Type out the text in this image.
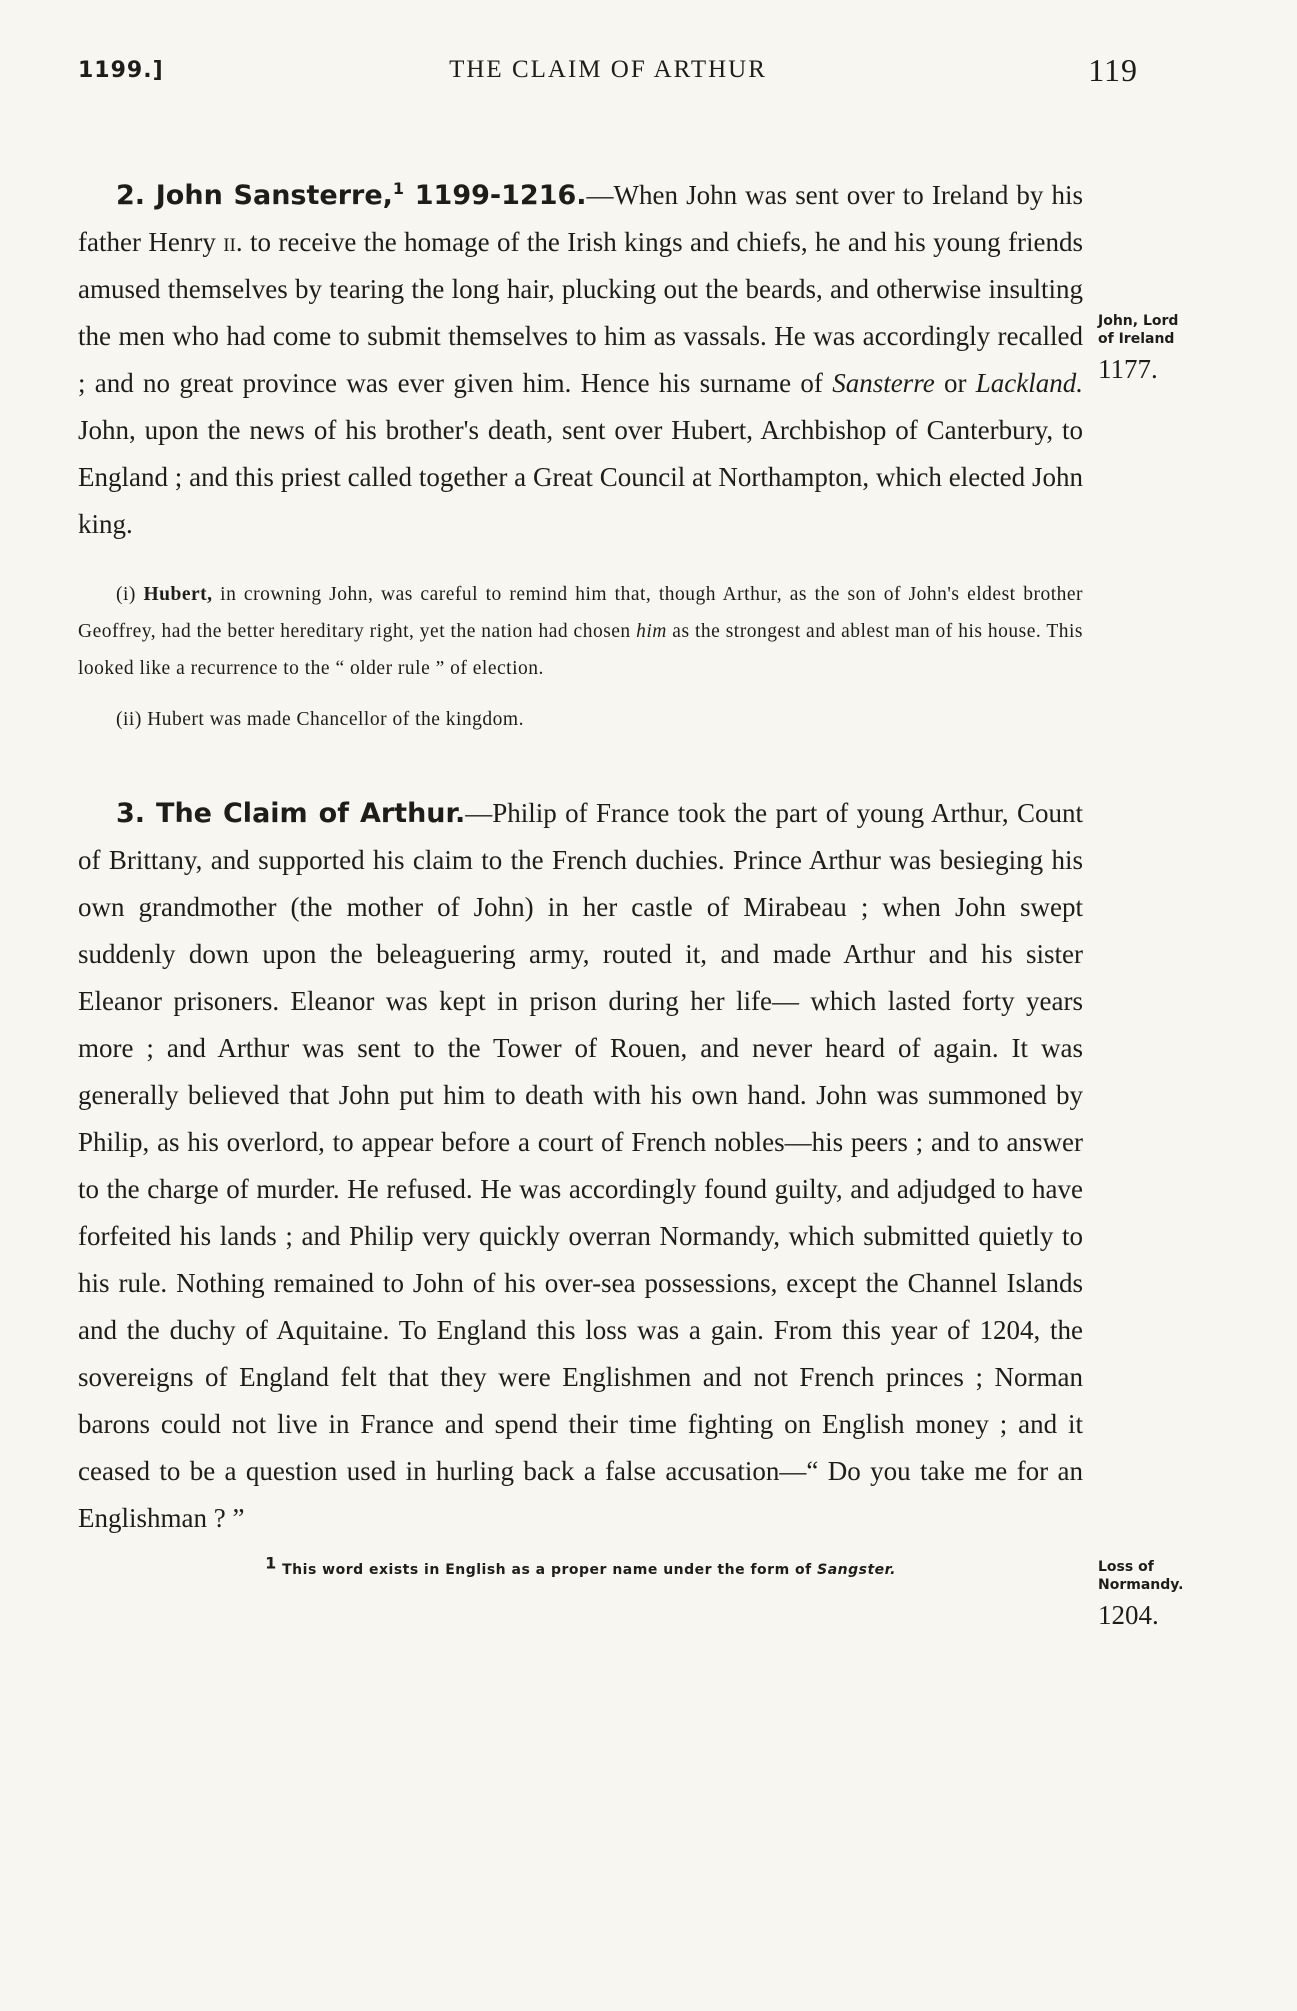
1199.]	THE CLAIM OF ARTHUR	119

2. John Sansterre,$^1$ 1199-1216.—When John was sent over to Ireland by his father Henry ii. to receive the homage of the Irish kings and chiefs, he and his young friends amused themselves by tearing the long hair, plucking out the beards, and otherwise insulting the men who had come to submit themselves to him as vassals. He was accordingly recalled ; and no great province was ever given him. Hence his surname of Sansterre or Lackland. John, upon the news of his brother's death, sent over Hubert, Archbishop of Canterbury, to England ; and this priest called together a Great Council at Northampton, which elected John king.

(i) Hubert, in crowning John, was careful to remind him that, though Arthur, as the son of John's eldest brother Geoffrey, had the better hereditary right, yet the nation had chosen him as the strongest and ablest man of his house. This looked like a recurrence to the “ older rule ” of election.

(ii) Hubert was made Chancellor of the kingdom.

3. The Claim of Arthur.—Philip of France took the part of young Arthur, Count of Brittany, and supported his claim to the French duchies. Prince Arthur was besieging his own grandmother (the mother of John) in her castle of Mirabeau ; when John swept suddenly down upon the beleaguering army, routed it, and made Arthur and his sister Eleanor prisoners. Eleanor was kept in prison during her life— which lasted forty years more ; and Arthur was sent to the Tower of Rouen, and never heard of again. It was generally believed that John put him to death with his own hand. John was summoned by Philip, as his overlord, to appear before a court of French nobles—his peers ; and to answer to the charge of murder. He refused. He was accordingly found guilty, and adjudged to have forfeited his lands ; and Philip very quickly overran Normandy, which submitted quietly to his rule. Nothing remained to John of his over-sea possessions, except the Channel Islands and the duchy of Aquitaine. To England this loss was a gain. From this year of 1204, the sovereigns of England felt that they were Englishmen and not French princes ; Norman barons could not live in France and spend their time fighting on English money ; and it ceased to be a question used in hurling back a false accusation—“ Do you take me for an Englishman ? ”

$^1$ This word exists in English as a proper name under the form of Sangster.
John, Lord
of Ireland
1177.
Loss of
Normandy.
1204.
